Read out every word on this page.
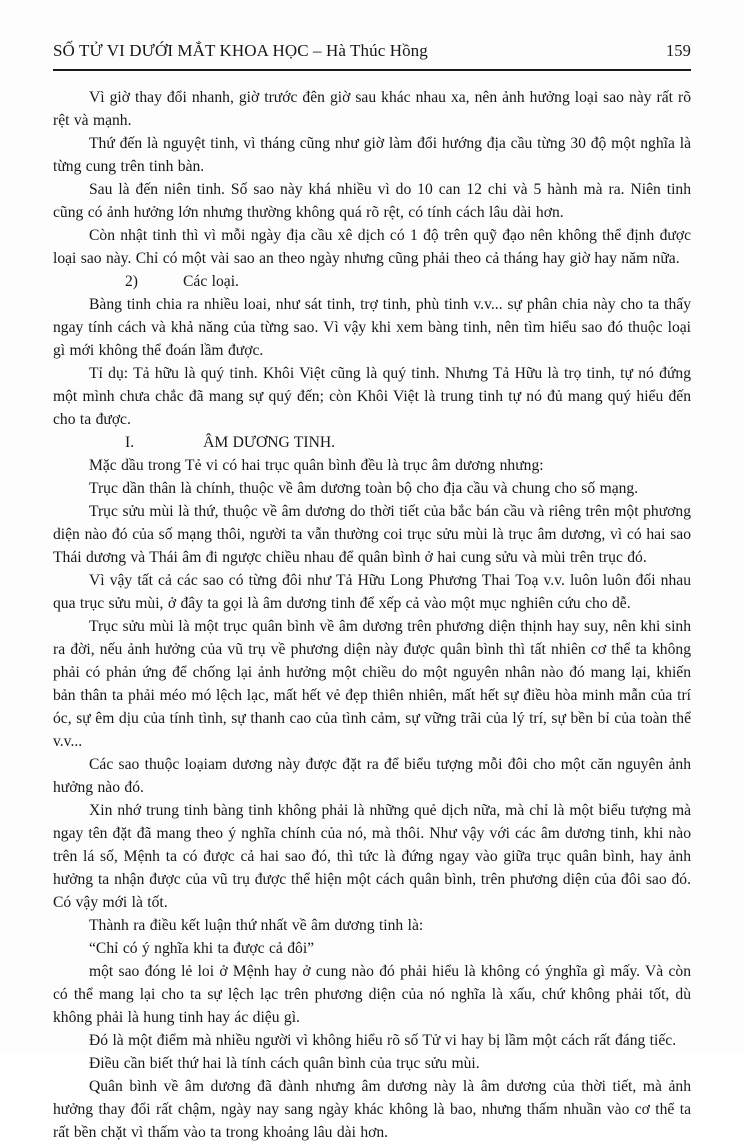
SỐ TỬ VI DƯỚI MẮT KHOA HỌC – Hà Thúc Hồng	159

Vì giờ thay đổi nhanh, giờ trước đên giờ sau khác nhau xa, nên ảnh hưởng loại sao này rất rõ rệt và mạnh.

Thứ đến là nguyệt tinh, vì tháng cũng như giờ làm đổi hướng địa cầu từng 30 độ một nghĩa là từng cung trên tinh bàn.

Sau là đến niên tinh. Số sao này khá nhiều vì do 10 can 12 chi và 5 hành mà ra. Niên tinh cũng có ảnh hưởng lớn nhưng thường không quá rõ rệt, có tính cách lâu dài hơn.

Còn nhật tinh thì vì mỗi ngày địa cầu xê dịch có 1 độ trên quỹ đạo nên không thể định được loại sao này. Chỉ có một vài sao an theo ngày nhưng cũng phải theo cả tháng hay giờ hay năm nữa.

2)	Các loại.

Bàng tinh chia ra nhiều loai, như sát tinh, trợ tinh, phù tinh v.v... sự phân chia này cho ta thấy ngay tính cách và khả năng của từng sao. Vì vậy khi xem bàng tinh, nên tìm hiểu sao đó thuộc loại gì mới không thể đoán lầm được.

Tỉ dụ: Tả hữu là quý tinh. Khôi Việt cũng là quý tinh. Nhưng Tả Hữu là trọ tinh, tự nó đứng một mình chưa chắc đã mang sự quý đến; còn Khôi Việt là trung tinh tự nó đủ mang quý hiểu đến cho ta được.

I.	ÂM DƯƠNG TINH.

Mặc dầu trong Tẻ vi có hai trục quân bình đều là trục âm dương nhưng:

Trục dần thân là chính, thuộc về âm dương toàn bộ cho địa cầu và chung cho số mạng.

Trục sửu mùi là thứ, thuộc về âm dương do thời tiết của bắc bán cầu và riêng trên một phương diện nào đó của số mạng thôi, người ta vẫn thường coi trục sửu mùi là trục âm dương, vì có hai sao Thái dương và Thái âm đi ngược chiều nhau để quân bình ở hai cung sửu và mùi trên trục đó.

Vì vậy tất cả các sao có từng đôi như Tả Hữu Long Phương Thai Toạ v.v. luôn luôn đối nhau qua trục sửu mùi, ở đây ta gọi là âm dương tinh để xếp cả vào một mục nghiên cứu cho dễ.

Trục sửu mùi là một trục quân bình về âm dương trên phương diện thịnh hay suy, nên khi sinh ra đời, nếu ảnh hưởng của vũ trụ về phương diện này được quân bình thì tất nhiên cơ thể ta không phải có phản ứng để chống lại ảnh hưởng một chiều do một nguyên nhân nào đó mang lại, khiến bản thân ta phải méo mó lệch lạc, mất hết vẻ đẹp thiên nhiên, mất hết sự điều hòa minh mẫn của trí óc, sự êm dịu của tính tình, sự thanh cao của tình cảm, sự vững trãi của lý trí, sự bền bỉ của toàn thể v.v...

Các sao thuộc loạiam dương này được đặt ra để biểu tượng mỗi đôi cho một căn nguyên ảnh hưởng nào đó.

Xin nhớ trung tinh bàng tinh không phải là những quẻ dịch nữa, mà chỉ là một biểu tượng mà ngay tên đặt đã mang theo ý nghĩa chính của nó, mà thôi. Như vậy với các âm dương tinh, khi nào trên lá số, Mệnh ta có được cả hai sao đó, thì tức là đứng ngay vào giữa trục quân bình, hay ảnh hưởng ta nhận được của vũ trụ được thể hiện một cách quân bình, trên phương diện của đôi sao đó. Có vậy mới là tốt.

Thành ra điều kết luận thứ nhất về âm dương tinh là:

“Chỉ có ý nghĩa khi ta được cả đôi”

một sao đóng lẻ loi ở Mệnh hay ở cung nào đó phải hiểu là không có ýnghĩa gì mấy. Và còn có thể mang lại cho ta sự lệch lạc trên phương diện của nó nghĩa là xấu, chứ không phải tốt, dù không phải là hung tinh hay ác diệu gì.

Đó là một điểm mà nhiều người vì không hiểu rõ số Tử vi hay bị lầm một cách rất đáng tiếc.

Điều cần biết thứ hai là tính cách quân bình của trục sửu mùi.

Quân bình về âm dương đã đành nhưng âm dương này là âm dương của thời tiết, mà ảnh hưởng thay đổi rất chậm, ngày nay sang ngày khác không là bao, nhưng thấm nhuần vào cơ thể ta rất bền chặt vì thấm vào ta trong khoảng lâu dài hơn.
